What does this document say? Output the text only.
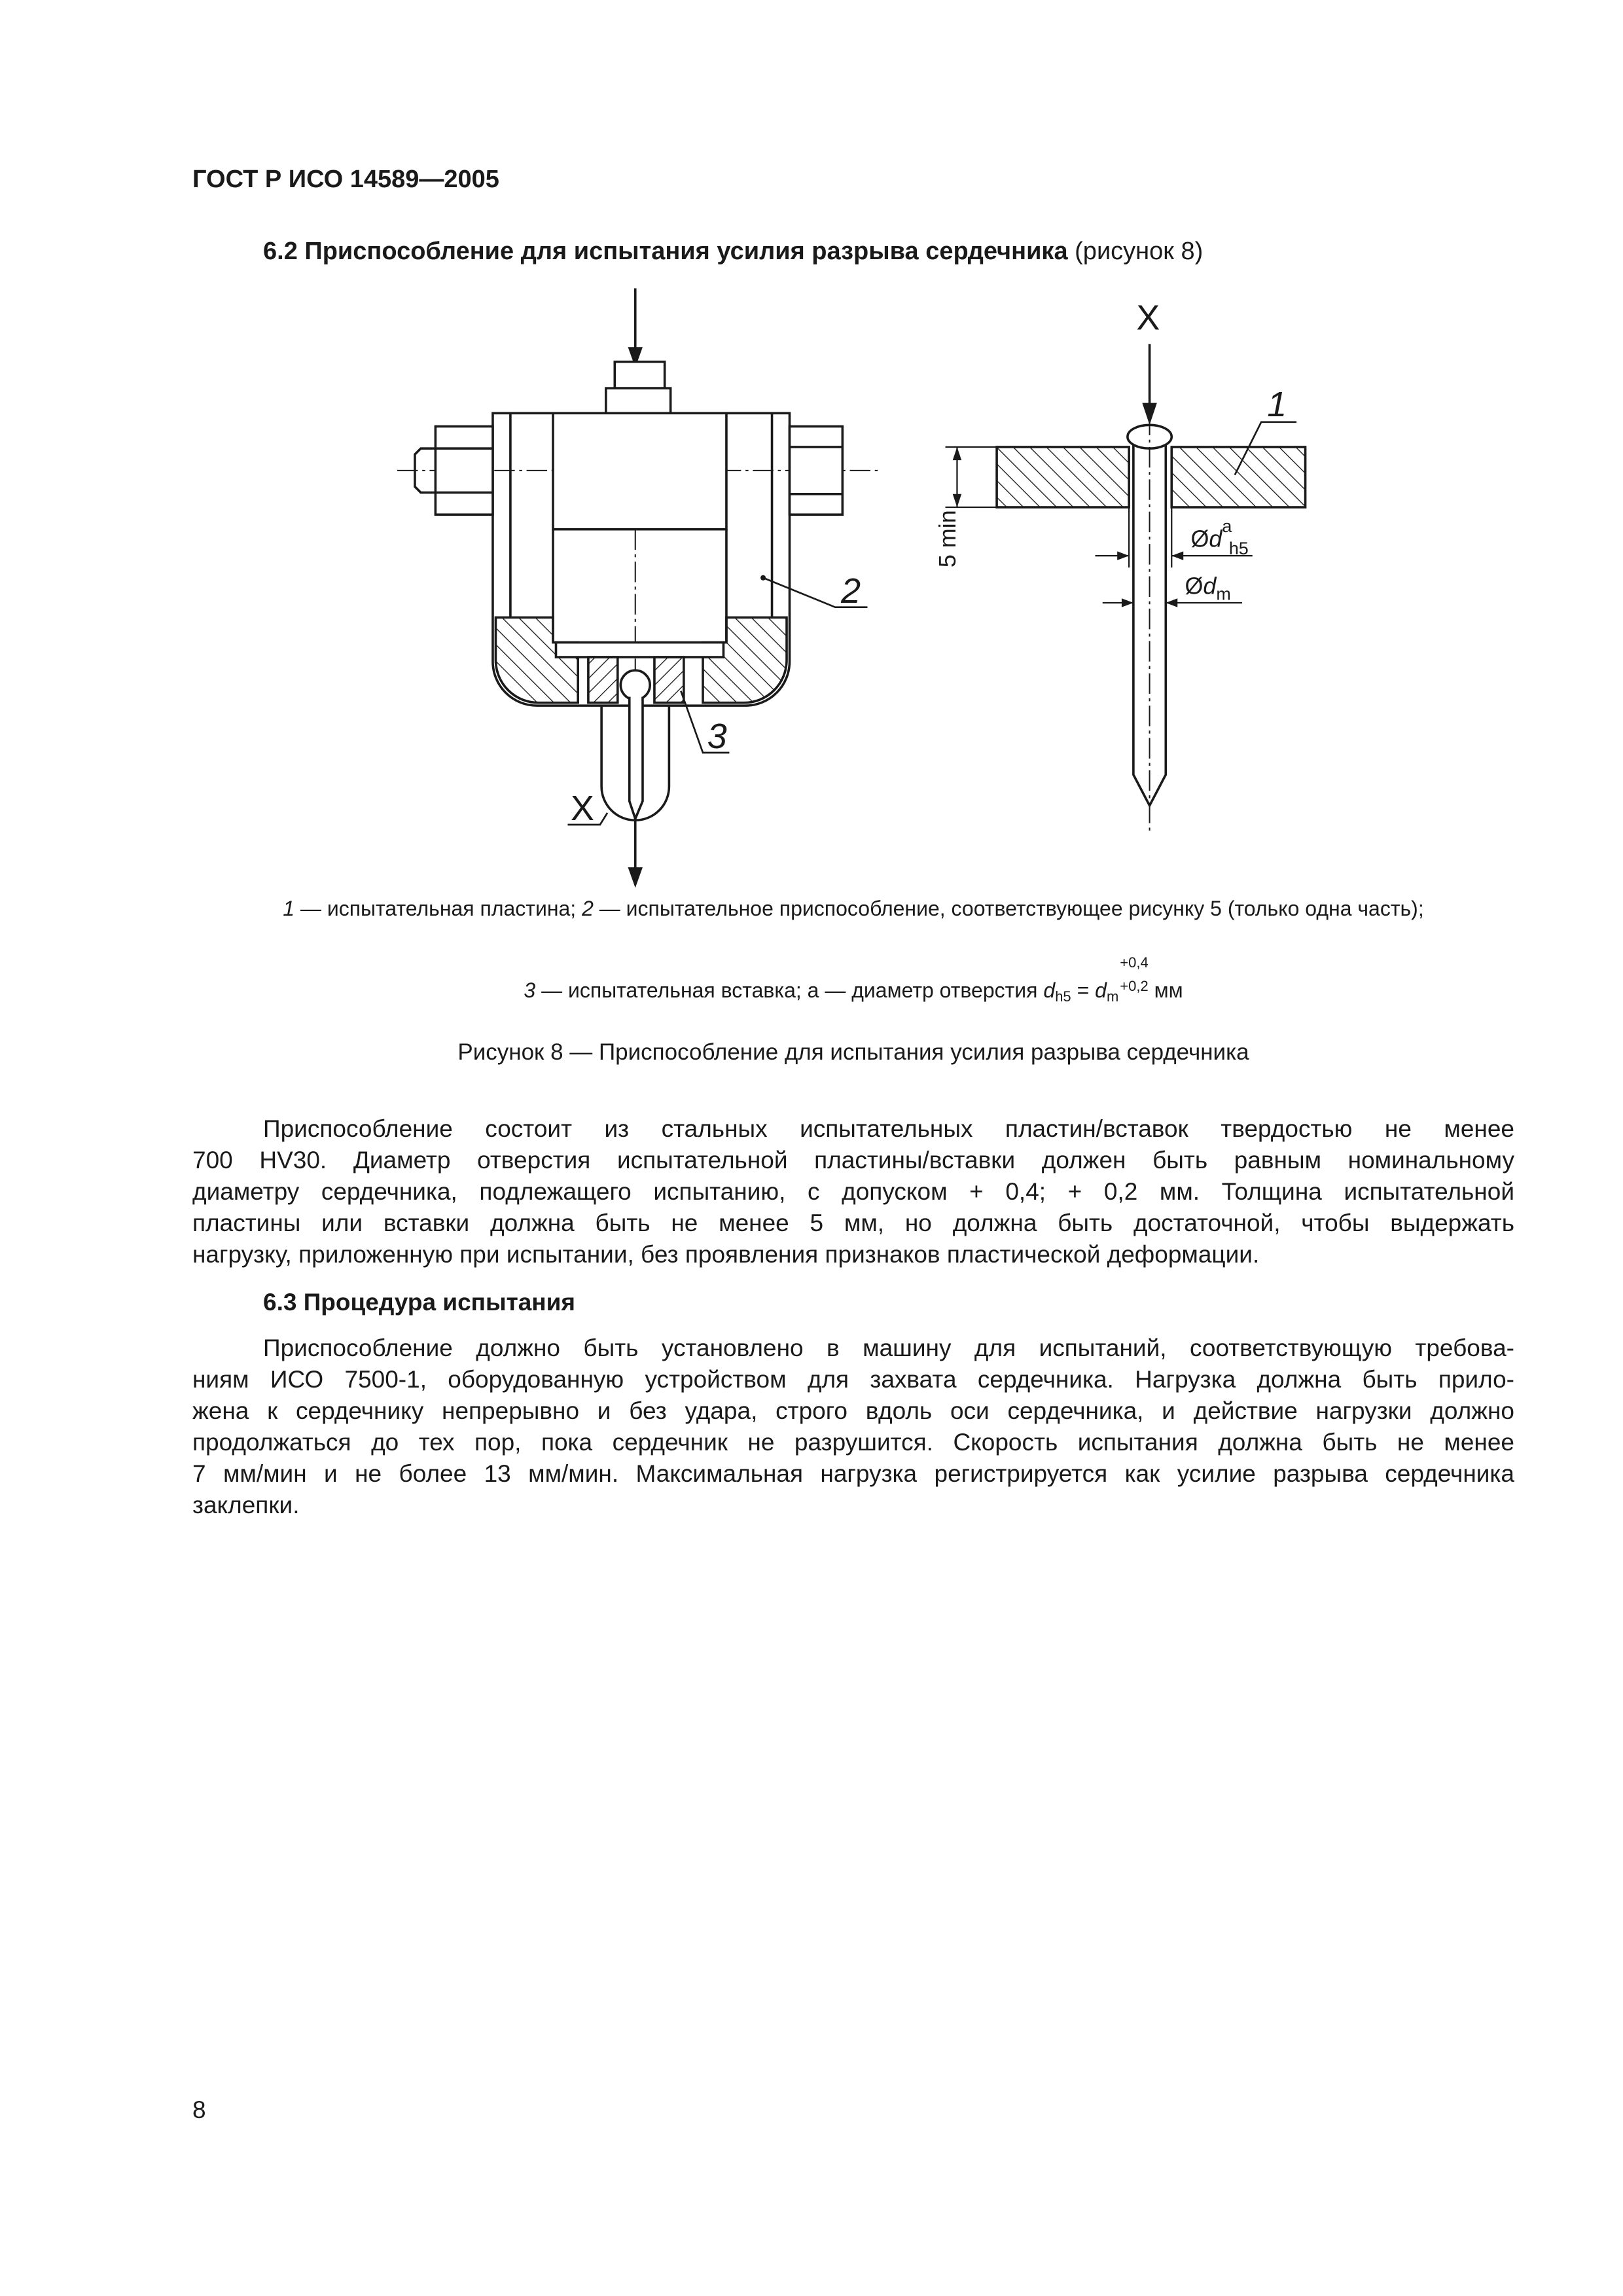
ГОСТ Р ИСО 14589—2005
6.2 Приспособление для испытания усилия разрыва сердечника (рисунок 8)
2
3
X
X
5 min	$Ød^a$ h5
$Ød_m$
1
1 — испытательная пластина; 2 — испытательное приспособление, соответствующее рисунку 5 (только одна часть);
3 — испытательная вставка; а — диаметр отверстия $d_{h5} = d_m$
+0,4
+0,2 мм
Рисунок 8 — Приспособление для испытания усилия разрыва сердечника
Приспособление состоит из стальных испытательных пластин/вставок твердостью не менее
700 HV30. Диаметр отверстия испытательной пластины/вставки должен быть равным номинальному
диаметру сердечника, подлежащего испытанию, с допуском + 0,4; + 0,2 мм. Толщина испытательной
пластины или вставки должна быть не менее 5 мм, но должна быть достаточной, чтобы выдержать
нагрузку, приложенную при испытании, без проявления признаков пластической деформации.
6.3 Процедура испытания
Приспособление должно быть установлено в машину для испытаний, соответствующую требова-
ниям ИСО 7500-1, оборудованную устройством для захвата сердечника. Нагрузка должна быть прило-
жена к сердечнику непрерывно и без удара, строго вдоль оси сердечника, и действие нагрузки должно
продолжаться до тех пор, пока сердечник не разрушится. Скорость испытания должна быть не менее
7 мм/мин и не более 13 мм/мин. Максимальная нагрузка регистрируется как усилие разрыва сердечника
заклепки.
8
